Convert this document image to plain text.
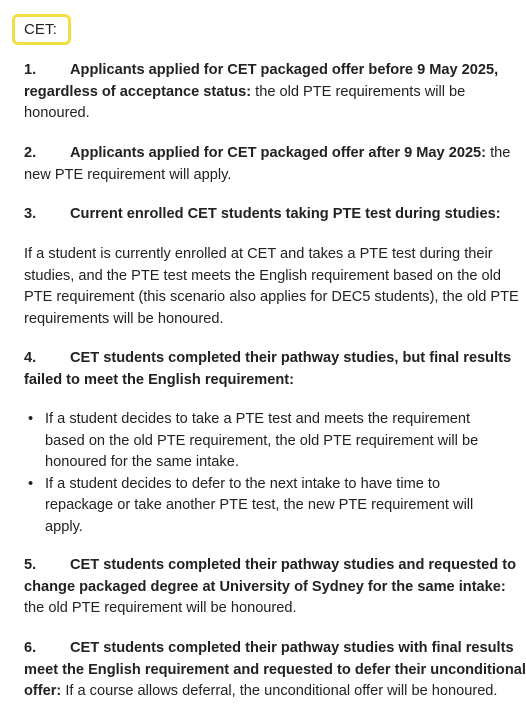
CET:

1. Applicants applied for CET packaged offer before 9 May 2025, regardless of acceptance status: the old PTE requirements will be honoured.

2. Applicants applied for CET packaged offer after 9 May 2025: the new PTE requirement will apply.

3. Current enrolled CET students taking PTE test during studies:

If a student is currently enrolled at CET and takes a PTE test during their studies, and the PTE test meets the English requirement based on the old PTE requirement (this scenario also applies for DEC5 students), the old PTE requirements will be honoured.

4. CET students completed their pathway studies, but final results failed to meet the English requirement:

• If a student decides to take a PTE test and meets the requirement based on the old PTE requirement, the old PTE requirement will be honoured for the same intake.
• If a student decides to defer to the next intake to have time to repackage or take another PTE test, the new PTE requirement will apply.

5. CET students completed their pathway studies and requested to change packaged degree at University of Sydney for the same intake: the old PTE requirement will be honoured.

6. CET students completed their pathway studies with final results meet the English requirement and requested to defer their unconditional offer: If a course allows deferral, the unconditional offer will be honoured.
